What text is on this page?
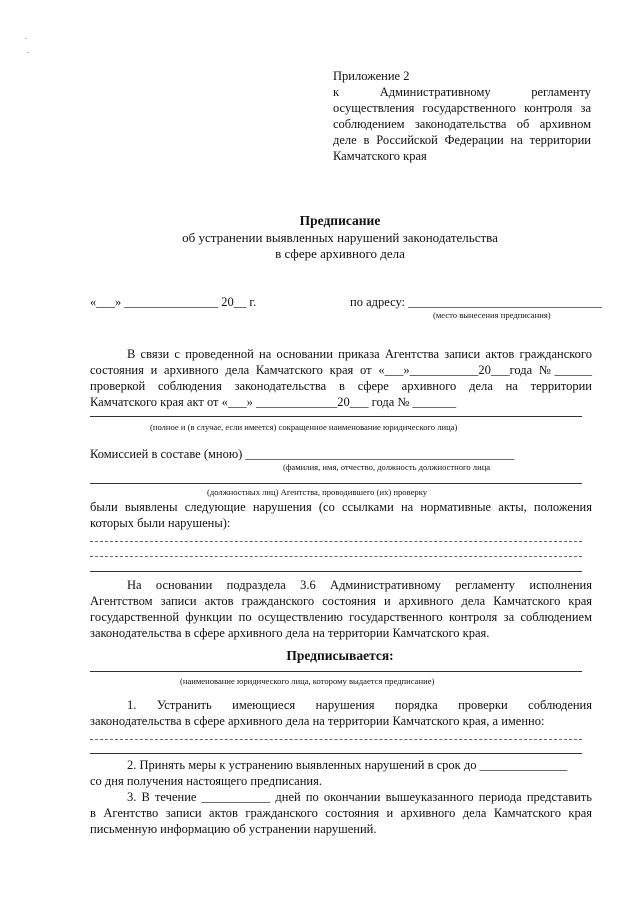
Приложение 2
к	Административному	регламенту
осуществления государственного контроля за
соблюдением законодательства об архивном
деле в Российской Федерации на территории
Камчатского края
Предписание
об устранении выявленных нарушений законодательства
в сфере архивного дела
«___» _______________ 20__ г.	по адресу: _______________________________
(место вынесения предписания)
В связи с проведенной на основании приказа Агентства записи актов гражданского
состояния и архивного дела Камчатского края от «___»___________20___года №______
проверкой соблюдения законодательства в сфере архивного дела на территории
Камчатского края акт от «___» _____________20___ года № _______
(полное и (в случае, если имеется) сокращенное наименование юридического лица)
Комиссией в составе (мною) ___________________________________________
(фамилия, имя, отчество, должность должностного лица
(должностных лиц) Агентства, проводившего (их) проверку
были выявлены следующие нарушения (со ссылками на нормативные акты, положения
которых были нарушены):
На основании подраздела 3.6 Административному регламенту исполнения
Агентством записи актов гражданского состояния и архивного дела Камчатского края
государственной функции по осуществлению государственного контроля за соблюдением
законодательства в сфере архивного дела на территории Камчатского края.
Предписывается:
(наименование юридического лица, которому выдается предписание)
1. Устранить имеющиеся нарушения порядка проверки соблюдения
законодательства в сфере архивного дела на территории Камчатского края, а именно:
2. Принять меры к устранению выявленных нарушений в срок до ______________
со дня получения настоящего предписания.
3. В течение ___________ дней по окончании вышеуказанного периода представить
в Агентство записи актов гражданского состояния и архивного дела Камчатского края
письменную информацию об устранении нарушений.
